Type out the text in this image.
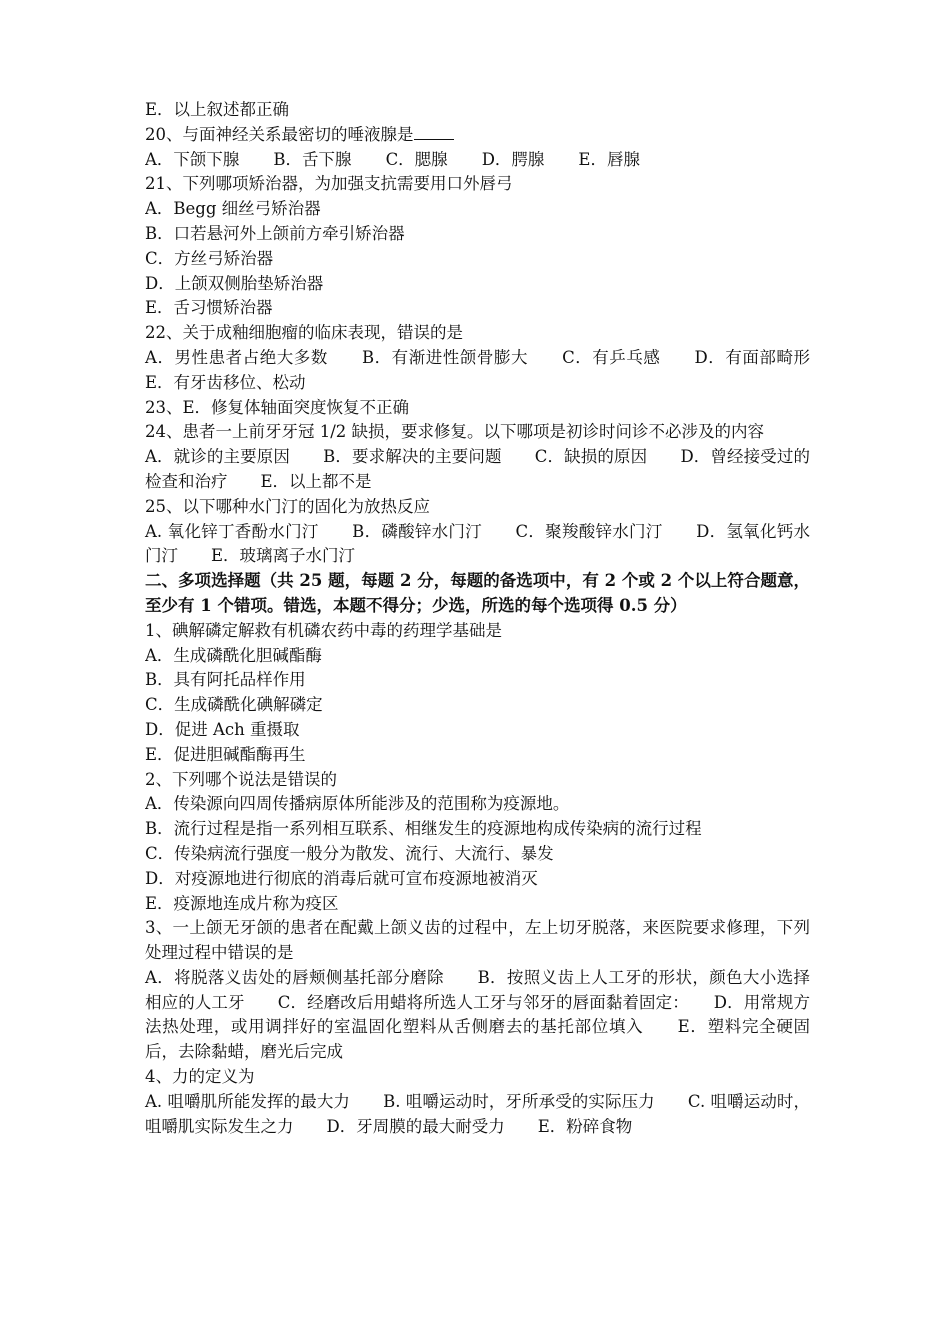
E．以上叙述都正确
20、与面神经关系最密切的唾液腺是
A．下颌下腺 B．舌下腺 C．腮腺 D．腭腺 E．唇腺
21、下列哪项矫治器，为加强支抗需要用口外唇弓
A．Begg 细丝弓矫治器
B．口若悬河外上颌前方牵引矫治器
C．方丝弓矫治器
D．上颌双侧胎垫矫治器
E．舌习惯矫治器
22、关于成釉细胞瘤的临床表现，错误的是
A．男性患者占绝大多数　　B．有渐进性颌骨膨大　　C．有乒乓感　　D．有面部畸形　　E．有牙齿移位、松动
23、E．修复体轴面突度恢复不正确
24、患者一上前牙牙冠 1/2 缺损，要求修复。以下哪项是初诊时问诊不必涉及的内容
A．就诊的主要原因　　B．要求解决的主要问题　　C．缺损的原因　　D．曾经接受过的检查和治疗　　E．以上都不是
25、以下哪种水门汀的固化为放热反应
A. 氧化锌丁香酚水门汀　　B．磷酸锌水门汀　　C．聚羧酸锌水门汀　　D．氢氧化钙水门汀　　E．玻璃离子水门汀
二、多项选择题（共 25 题，每题 2 分，每题的备选项中，有 2 个或 2 个以上符合题意，至少有 1 个错项。错选，本题不得分；少选，所选的每个选项得 0.5 分）
1、碘解磷定解救有机磷农药中毒的药理学基础是
A．生成磷酰化胆碱酯酶
B．具有阿托品样作用
C．生成磷酰化碘解磷定
D．促进 Ach 重摄取
E．促进胆碱酯酶再生
2、下列哪个说法是错误的
A．传染源向四周传播病原体所能涉及的范围称为疫源地。
B．流行过程是指一系列相互联系、相继发生的疫源地构成传染病的流行过程
C．传染病流行强度一般分为散发、流行、大流行、暴发
D．对疫源地进行彻底的消毒后就可宣布疫源地被消灭
E．疫源地连成片称为疫区
3、一上颌无牙颌的患者在配戴上颌义齿的过程中，左上切牙脱落，来医院要求修理，下列处理过程中错误的是
A．将脱落义齿处的唇颊侧基托部分磨除　　B．按照义齿上人工牙的形状，颜色大小选择相应的人工牙　　C．经磨改后用蜡将所选人工牙与邻牙的唇面黏着固定：　　D．用常规方法热处理，或用调拌好的室温固化塑料从舌侧磨去的基托部位填入　　E．塑料完全硬固后，去除黏蜡，磨光后完成
4、力的定义为
A. 咀嚼肌所能发挥的最大力　　B. 咀嚼运动时，牙所承受的实际压力　　C. 咀嚼运动时，咀嚼肌实际发生之力　　D．牙周膜的最大耐受力　　E．粉碎食物
